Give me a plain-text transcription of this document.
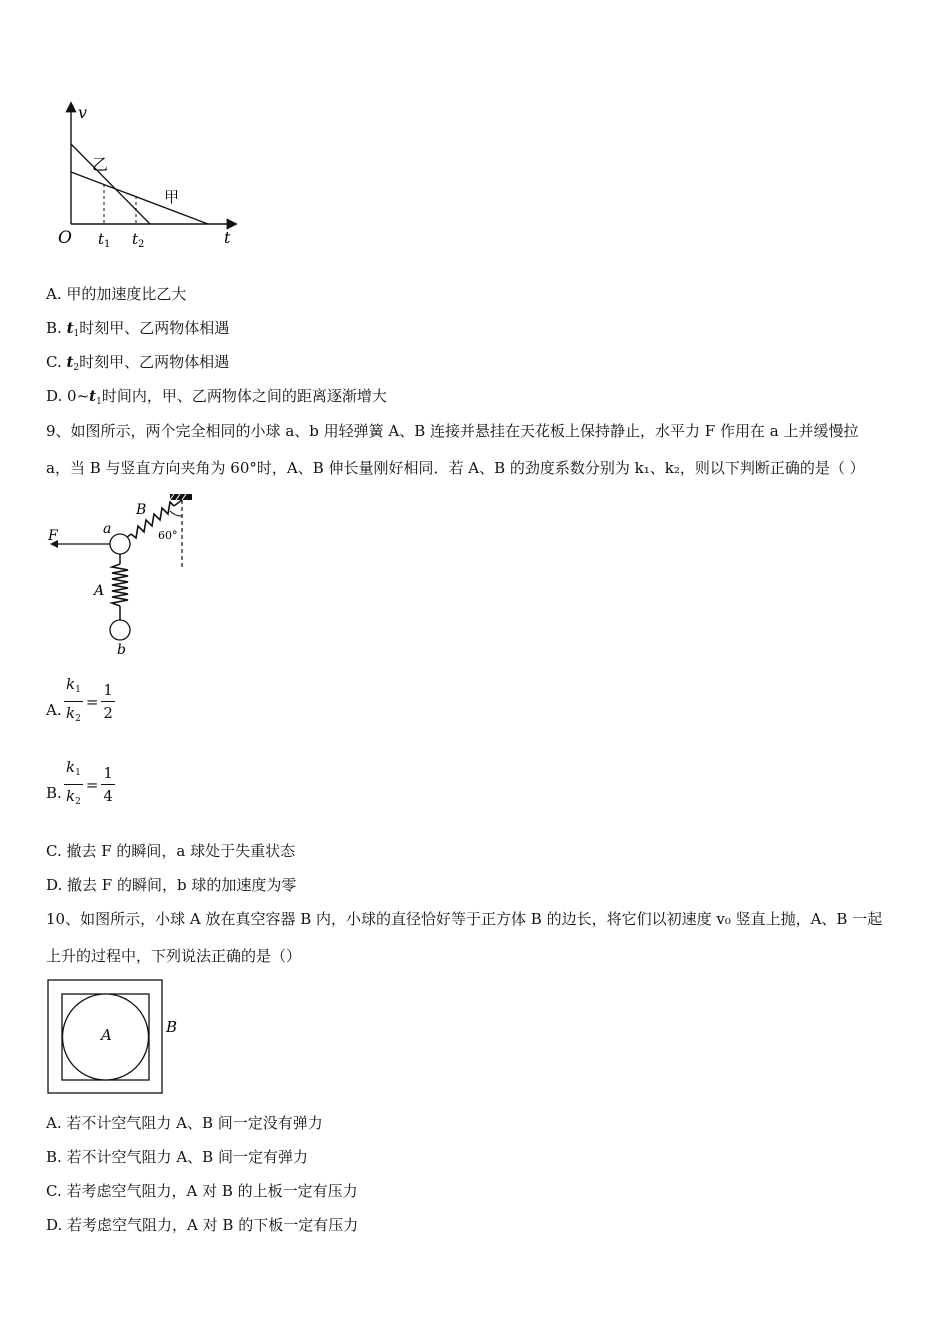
v
t
O
乙
甲
$t_1$ $t_2$
A. 甲的加速度比乙大
B. $t_1$时刻甲、乙两物体相遇
C. $t_2$时刻甲、乙两物体相遇
D. $0\sim t_1$时间内，甲、乙两物体之间的距离逐渐增大
9、如图所示，两个完全相同的小球 a、b 用轻弹簧 A、B 连接并悬挂在天花板上保持静止，水平力 F 作用在 a 上并缓慢拉
a，当 B 与竖直方向夹角为 60°时，A、B 伸长量刚好相同．若 A、B 的劲度系数分别为 k₁、k₂，则以下判断正确的是（ ）
F	a
B
60°
A
b
A. $\frac{k_1}{k_2} = \frac{1}{2}$
B. $\frac{k_1}{k_2} = \frac{1}{4}$
C. 撤去 F 的瞬间，a 球处于失重状态
D. 撤去 F 的瞬间，b 球的加速度为零
10、如图所示，小球 A 放在真空容器 B 内，小球的直径恰好等于正方体 B 的边长，将它们以初速度 v₀ 竖直上抛，A、B 一起
上升的过程中，下列说法正确的是（）
A	B
A. 若不计空气阻力 A、B 间一定没有弹力
B. 若不计空气阻力 A、B 间一定有弹力
C. 若考虑空气阻力，A 对 B 的上板一定有压力
D. 若考虑空气阻力，A 对 B 的下板一定有压力
